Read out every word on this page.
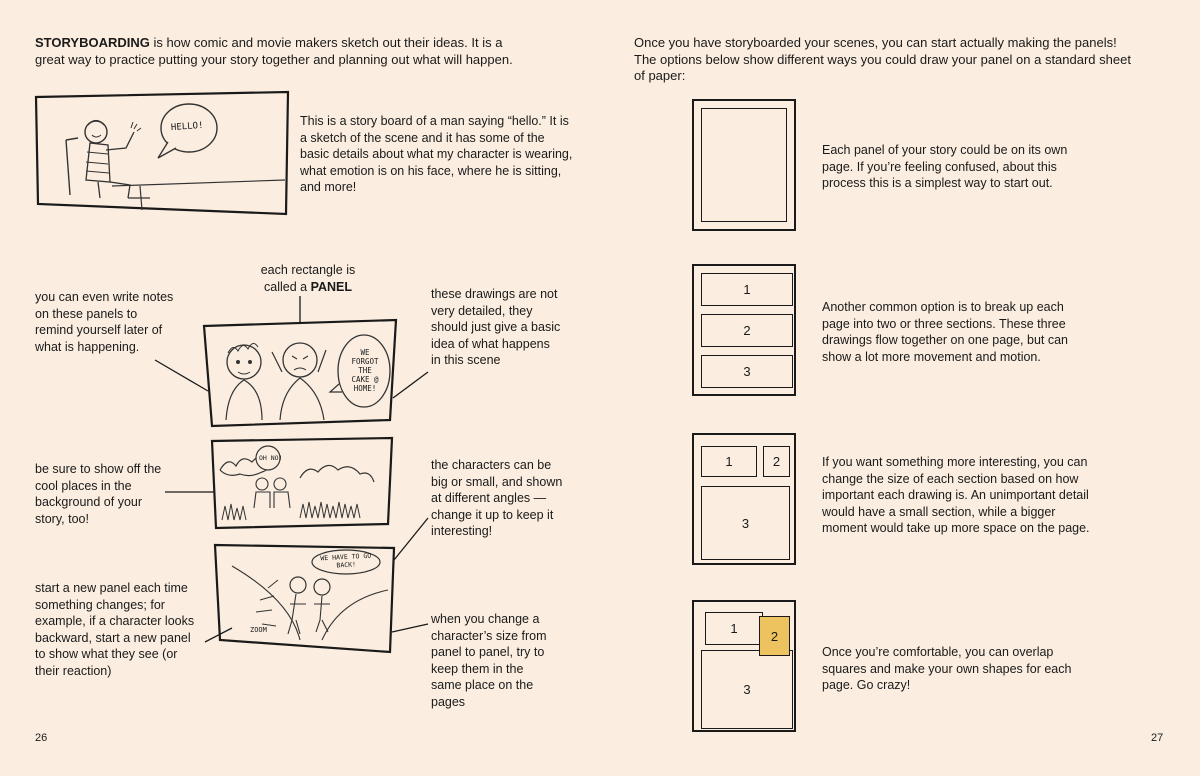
STORYBOARDING is how comic and movie makers sketch out their ideas. It is a great way to practice putting your story together and planning out what will happen.
HELLO!	This is a story board of a man saying “hello.” It is a sketch of the scene and it has some of the basic details about what my character is wearing, what emotion is on his face, where he is sitting, and more!
each rectangle is called a PANEL
you can even write notes on these panels to remind yourself later of what is happening.
these drawings are not very detailed, they should just give a basic idea of what happens in this scene
be sure to show off the cool places in the background of your story, too!
the characters can be big or small, and shown at different angles — change it up to keep it interesting!
start a new panel each time something changes; for example, if a character looks backward, start a new panel to show what they see (or their reaction)
when you change a character’s size from panel to panel, try to keep them in the same place on the pages
WE FORGOT THE CAKE @ HOME!
OH NO!
WE HAVE TO GO BACK!
ZOOM
26
Once you have storyboarded your scenes, you can start actually making the panels! The options below show different ways you could draw your panel on a standard sheet of paper:
Each panel of your story could be on its own page. If you’re feeling confused, about this process this is a simplest way to start out.
1
2
3
Another common option is to break up each page into two or three sections. These three drawings flow together on one page, but can show a lot more movement and motion.
1	2
3
If you want something more interesting, you can change the size of each section based on how important each drawing is. An unimportant detail would have a small section, while a bigger moment would take up more space on the page.
1
3
2
Once you’re comfortable, you can overlap squares and make your own shapes for each page. Go crazy!
27
